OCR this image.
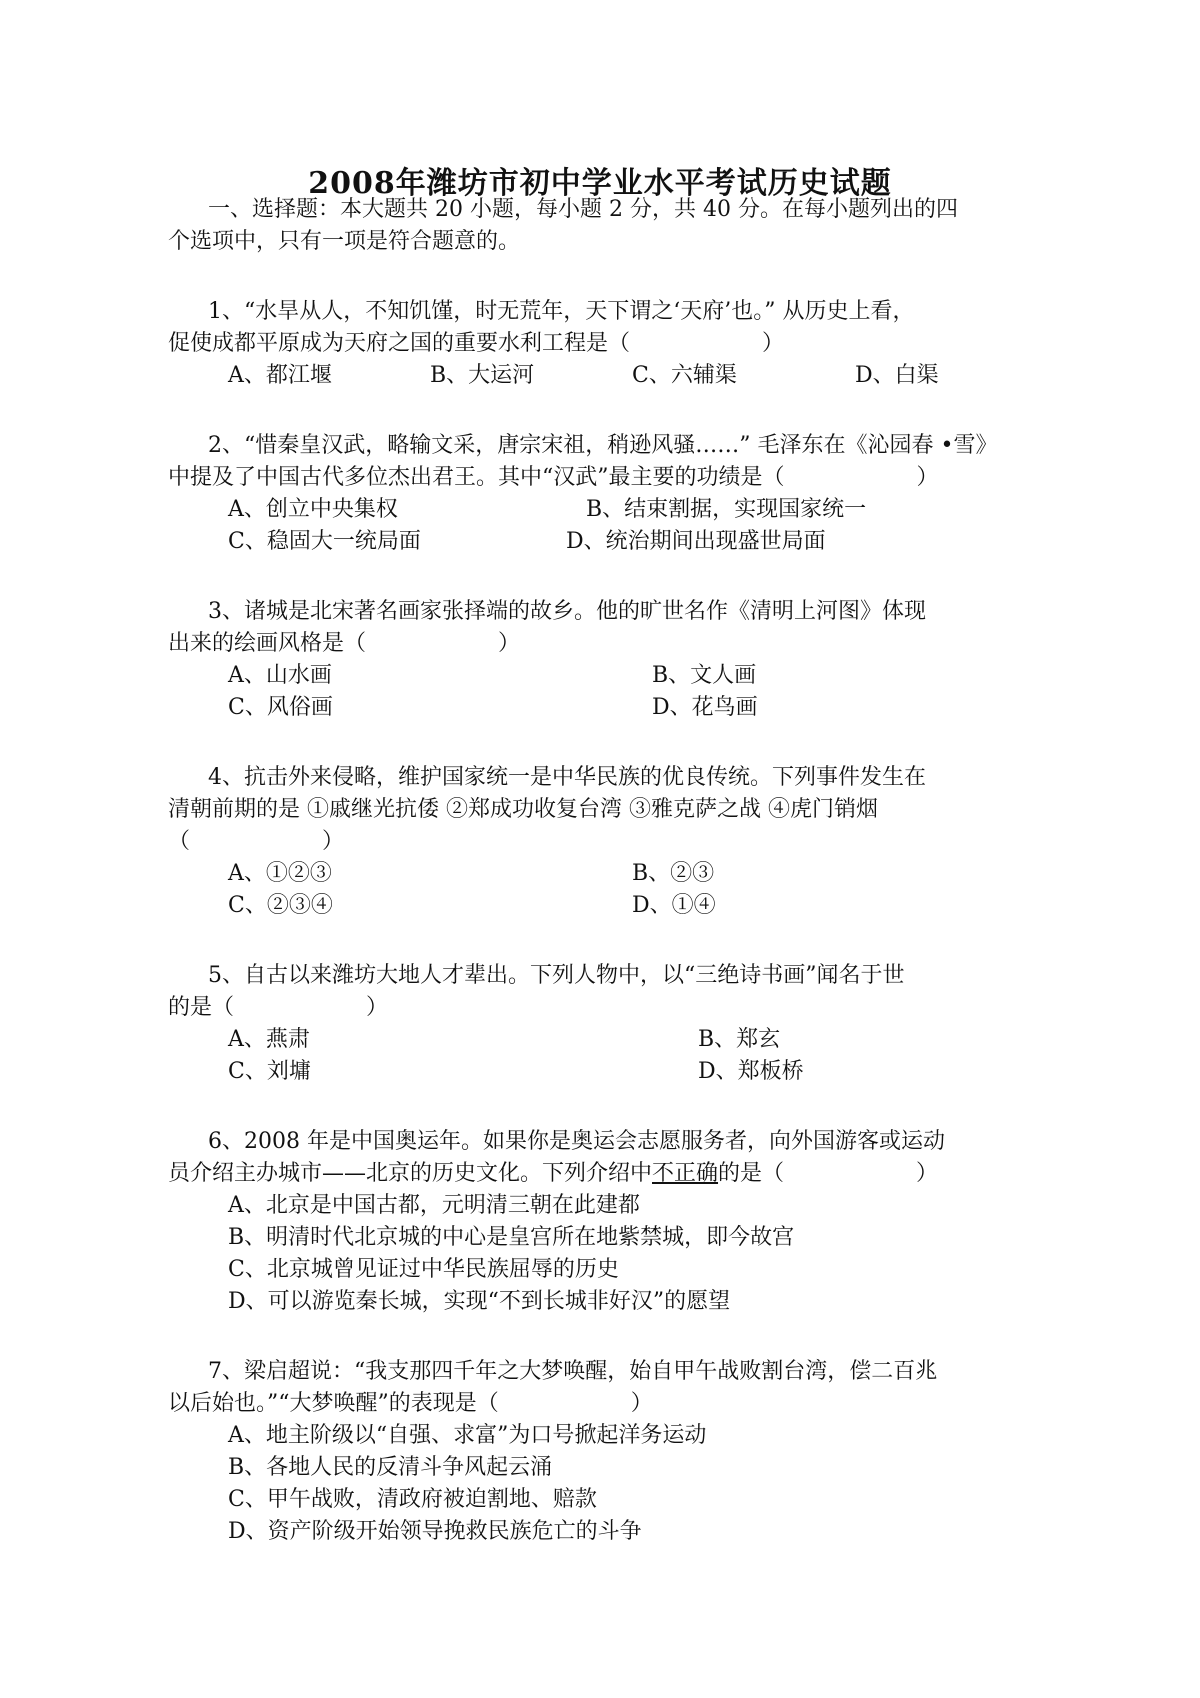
2008年潍坊市初中学业水平考试历史试题
一、选择题：本大题共 20 小题，每小题 2 分，共 40 分。在每小题列出的四
个选项中，只有一项是符合题意的。
1、“水旱从人，不知饥馑，时无荒年，天下谓之‘天府’也。” 从历史上看，
促使成都平原成为天府之国的重要水利工程是（　　　　　　）
A、都江堰	B、大运河	C、六辅渠	D、白渠
2、“惜秦皇汉武，略输文采，唐宗宋祖，稍逊风骚……” 毛泽东在《沁园春 •雪》
中提及了中国古代多位杰出君王。其中“汉武”最主要的功绩是（　　　　　　）
A、创立中央集权	B、结束割据，实现国家统一
C、稳固大一统局面	D、统治期间出现盛世局面
3、诸城是北宋著名画家张择端的故乡。他的旷世名作《清明上河图》体现
出来的绘画风格是（　　　　　　）
A、山水画	B、文人画
C、风俗画	D、花鸟画
4、抗击外来侵略，维护国家统一是中华民族的优良传统。下列事件发生在
清朝前期的是 ①戚继光抗倭 ②郑成功收复台湾 ③雅克萨之战 ④虎门销烟
（　　　　　　）
A、①②③	B、②③
C、②③④	D、①④
5、自古以来潍坊大地人才辈出。下列人物中，以“三绝诗书画”闻名于世
的是（　　　　　　）
A、燕肃	B、郑玄
C、刘墉	D、郑板桥
6、2008 年是中国奥运年。如果你是奥运会志愿服务者，向外国游客或运动
员介绍主办城市——北京的历史文化。下列介绍中不正确的是（　　　　　　）
A、北京是中国古都，元明清三朝在此建都
B、明清时代北京城的中心是皇宫所在地紫禁城，即今故宫
C、北京城曾见证过中华民族屈辱的历史
D、可以游览秦长城，实现“不到长城非好汉”的愿望
7、梁启超说：“我支那四千年之大梦唤醒，始自甲午战败割台湾，偿二百兆
以后始也。”“大梦唤醒”的表现是（　　　　　　）
A、地主阶级以“自强、求富”为口号掀起洋务运动
B、各地人民的反清斗争风起云涌
C、甲午战败，清政府被迫割地、赔款
D、资产阶级开始领导挽救民族危亡的斗争
